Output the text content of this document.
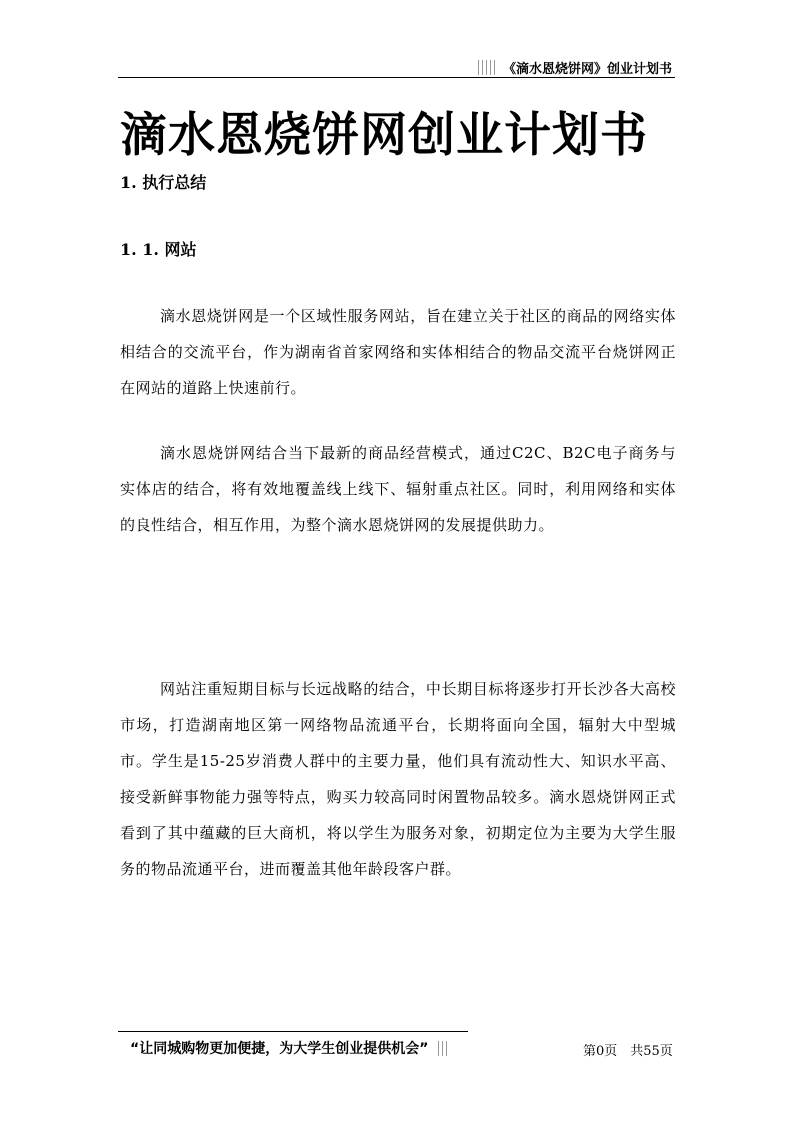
《滴水恩烧饼网》创业计划书
滴水恩烧饼网创业计划书
1. 执行总结
1. 1. 网站

滴水恩烧饼网是一个区域性服务网站，旨在建立关于社区的商品的网络实体相结合的交流平台，作为湖南省首家网络和实体相结合的物品交流平台烧饼网正在网站的道路上快速前行。

滴水恩烧饼网结合当下最新的商品经营模式，通过C2C、B2C电子商务与实体店的结合，将有效地覆盖线上线下、辐射重点社区。同时，利用网络和实体的良性结合，相互作用，为整个滴水恩烧饼网的发展提供助力。

网站注重短期目标与长远战略的结合，中长期目标将逐步打开长沙各大高校市场，打造湖南地区第一网络物品流通平台，长期将面向全国，辐射大中型城市。学生是15-25岁消费人群中的主要力量，他们具有流动性大、知识水平高、接受新鲜事物能力强等特点，购买力较高同时闲置物品较多。滴水恩烧饼网正式看到了其中蕴藏的巨大商机，将以学生为服务对象，初期定位为主要为大学生服务的物品流通平台，进而覆盖其他年龄段客户群。

“让同城购物更加便捷，为大学生创业提供机会”	第0页　共55页
